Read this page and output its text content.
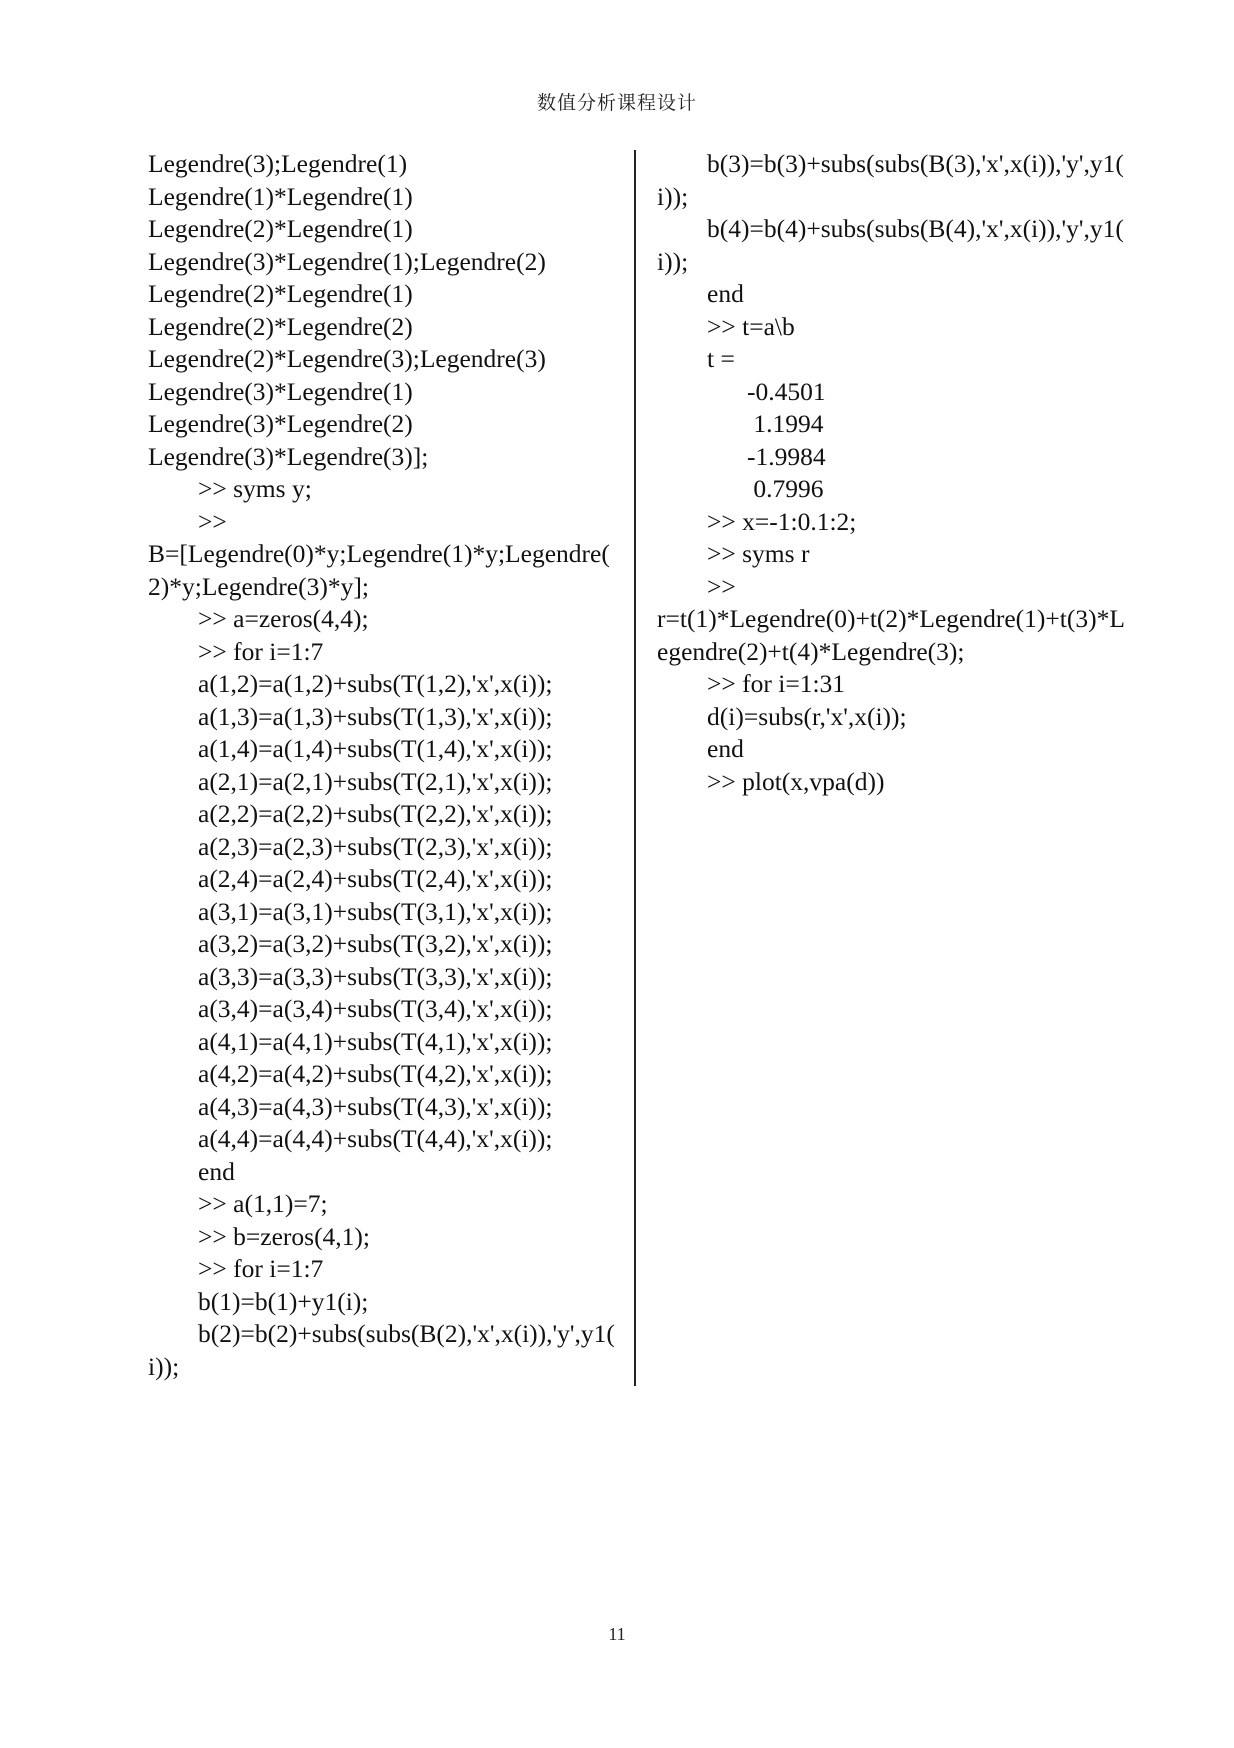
数值分析课程设计
Legendre(3);Legendre(1)
Legendre(1)*Legendre(1)
Legendre(2)*Legendre(1)
Legendre(3)*Legendre(1);Legendre(2)
Legendre(2)*Legendre(1)
Legendre(2)*Legendre(2)
Legendre(2)*Legendre(3);Legendre(3)
Legendre(3)*Legendre(1)
Legendre(3)*Legendre(2)
Legendre(3)*Legendre(3)];
>> syms y;
>>
B=[Legendre(0)*y;Legendre(1)*y;Legendre(
2)*y;Legendre(3)*y];
>> a=zeros(4,4);
>> for i=1:7
a(1,2)=a(1,2)+subs(T(1,2),'x',x(i));
a(1,3)=a(1,3)+subs(T(1,3),'x',x(i));
a(1,4)=a(1,4)+subs(T(1,4),'x',x(i));
a(2,1)=a(2,1)+subs(T(2,1),'x',x(i));
a(2,2)=a(2,2)+subs(T(2,2),'x',x(i));
a(2,3)=a(2,3)+subs(T(2,3),'x',x(i));
a(2,4)=a(2,4)+subs(T(2,4),'x',x(i));
a(3,1)=a(3,1)+subs(T(3,1),'x',x(i));
a(3,2)=a(3,2)+subs(T(3,2),'x',x(i));
a(3,3)=a(3,3)+subs(T(3,3),'x',x(i));
a(3,4)=a(3,4)+subs(T(3,4),'x',x(i));
a(4,1)=a(4,1)+subs(T(4,1),'x',x(i));
a(4,2)=a(4,2)+subs(T(4,2),'x',x(i));
a(4,3)=a(4,3)+subs(T(4,3),'x',x(i));
a(4,4)=a(4,4)+subs(T(4,4),'x',x(i));
end
>> a(1,1)=7;
>> b=zeros(4,1);
>> for i=1:7
b(1)=b(1)+y1(i);
b(2)=b(2)+subs(subs(B(2),'x',x(i)),'y',y1(
i));
b(3)=b(3)+subs(subs(B(3),'x',x(i)),'y',y1(
i));
b(4)=b(4)+subs(subs(B(4),'x',x(i)),'y',y1(
i));
end
>> t=a\b
t =
-0.4501
1.1994
-1.9984
0.7996
>> x=-1:0.1:2;
>> syms r
>>
r=t(1)*Legendre(0)+t(2)*Legendre(1)+t(3)*L
egendre(2)+t(4)*Legendre(3);
>> for i=1:31
d(i)=subs(r,'x',x(i));
end
>> plot(x,vpa(d))
11
